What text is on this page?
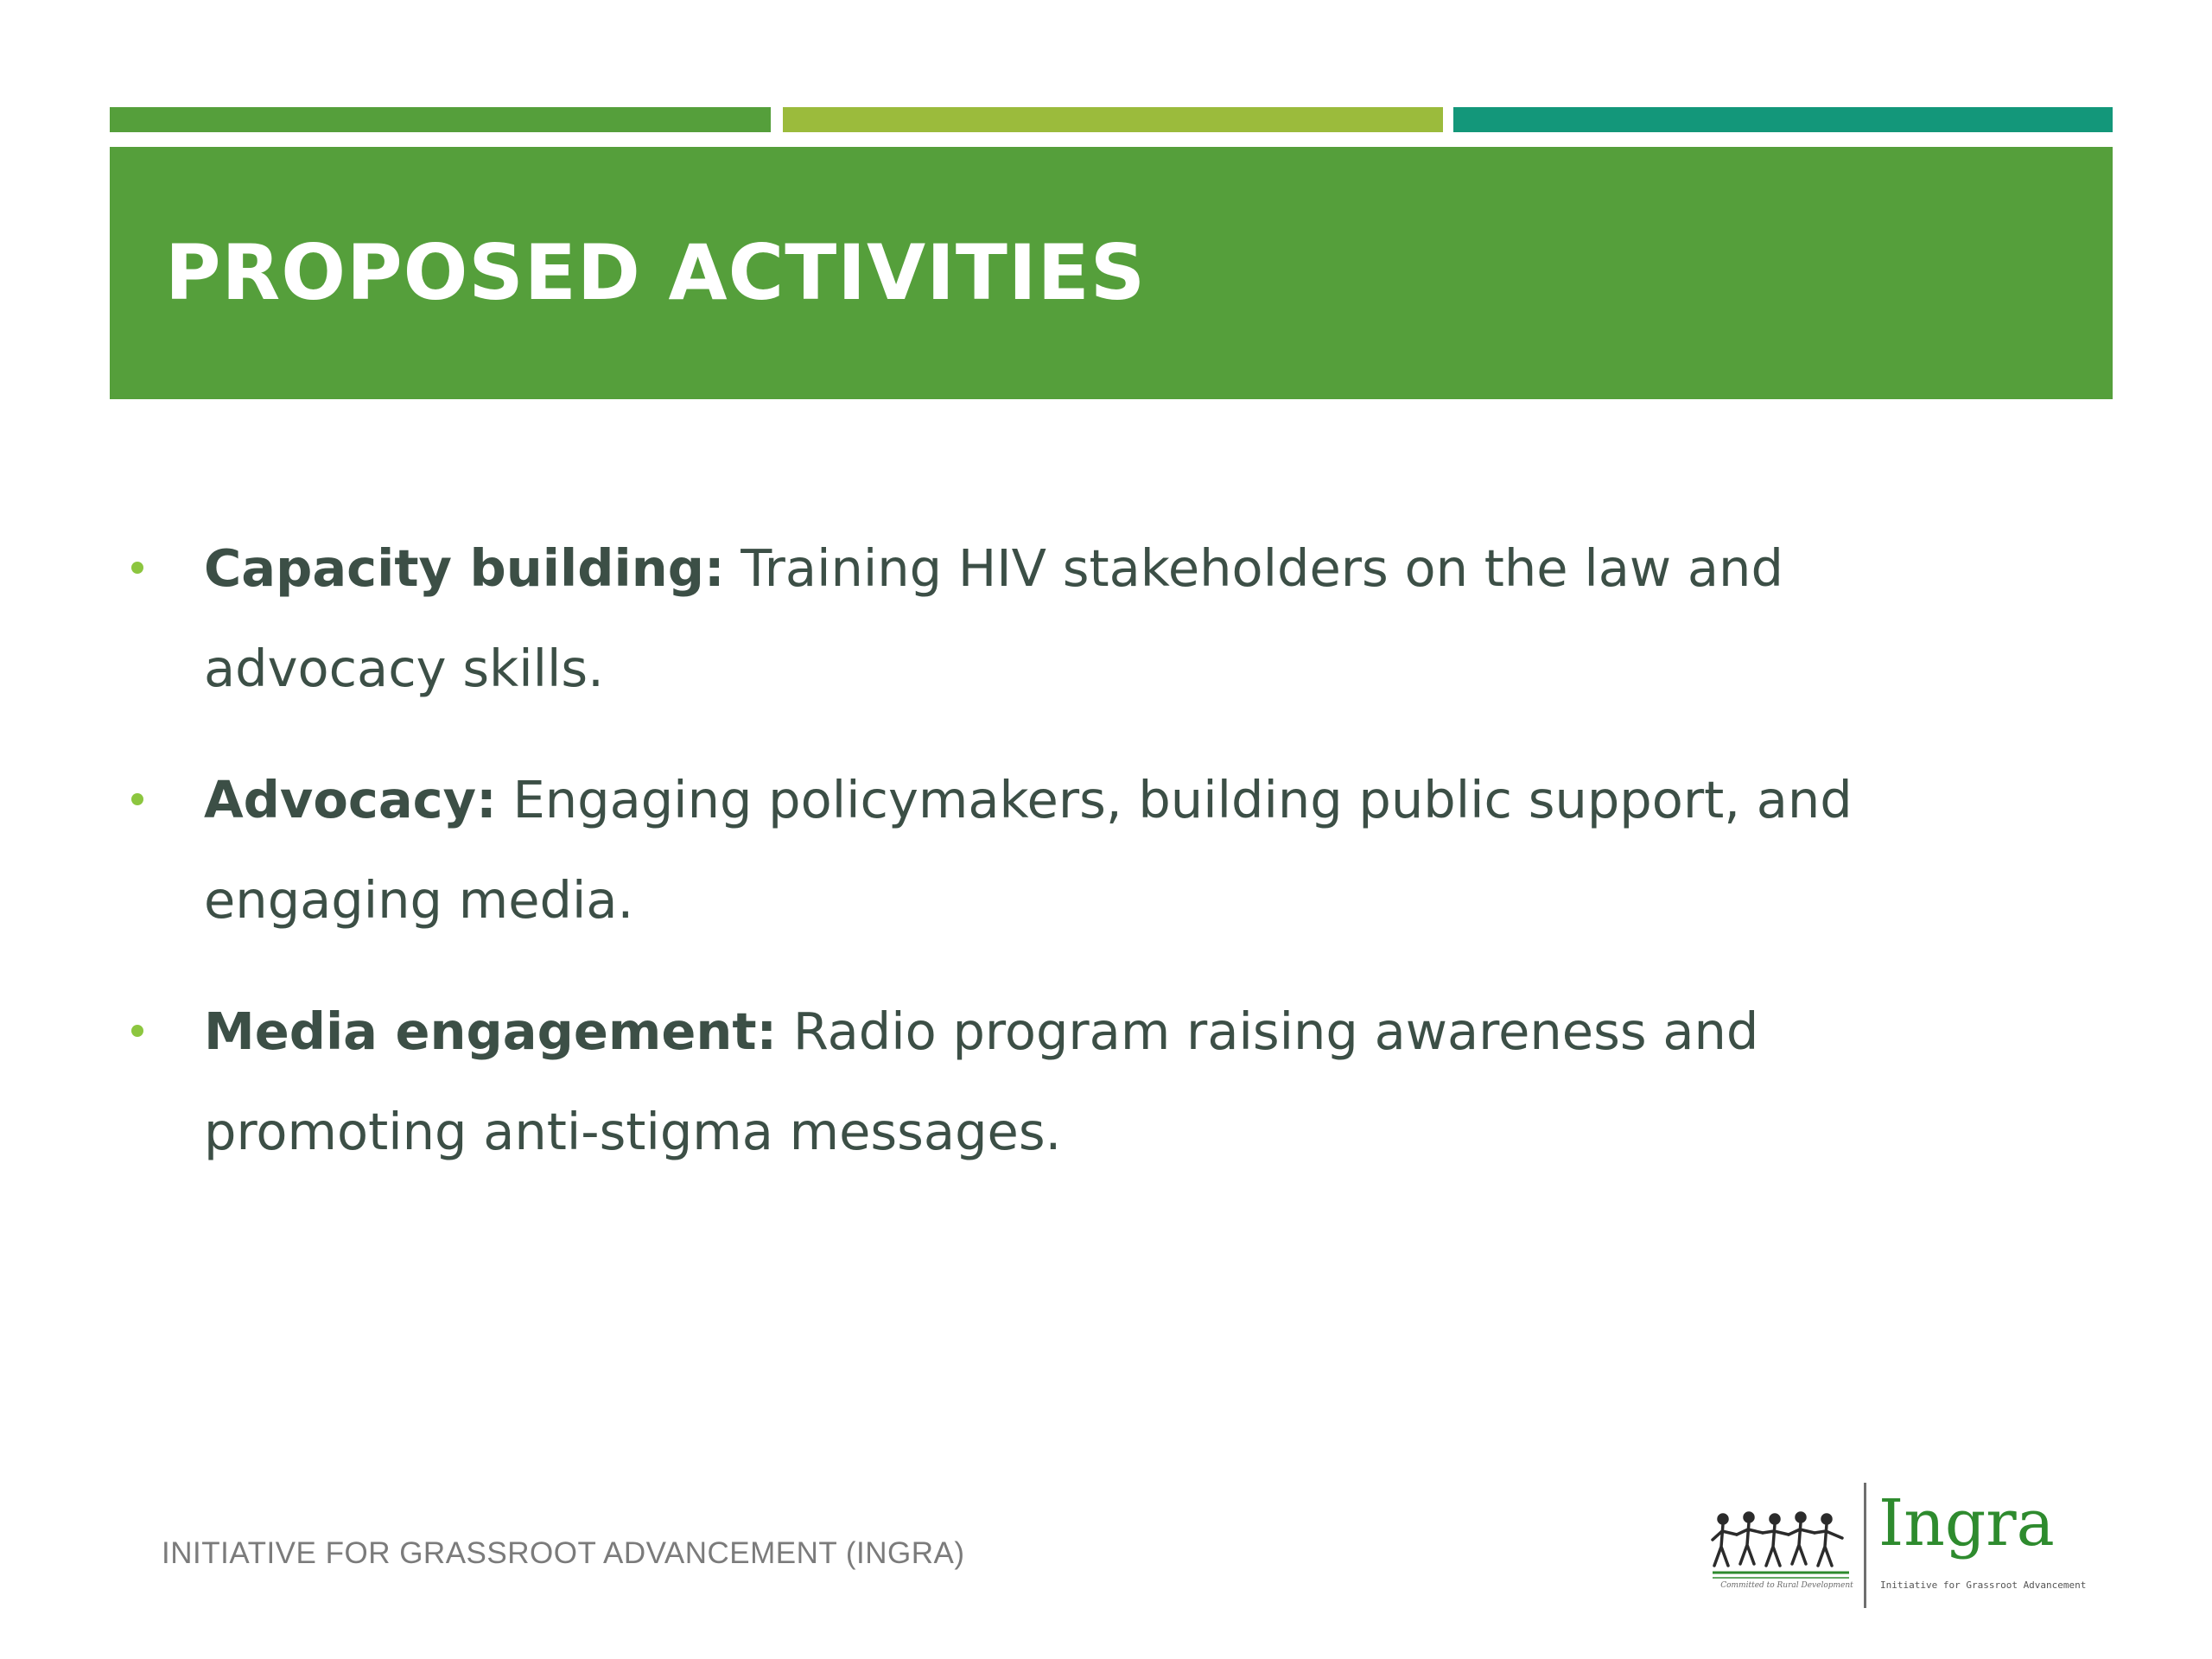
PROPOSED ACTIVITIES
Capacity building: Training HIV stakeholders on the law and advocacy skills.
Advocacy: Engaging policymakers, building public support, and engaging media.
Media engagement: Radio program raising awareness and promoting anti-stigma messages.
INITIATIVE FOR GRASSROOT ADVANCEMENT (INGRA)
Committed to Rural Development
Ingra
Initiative for Grassroot Advancement
